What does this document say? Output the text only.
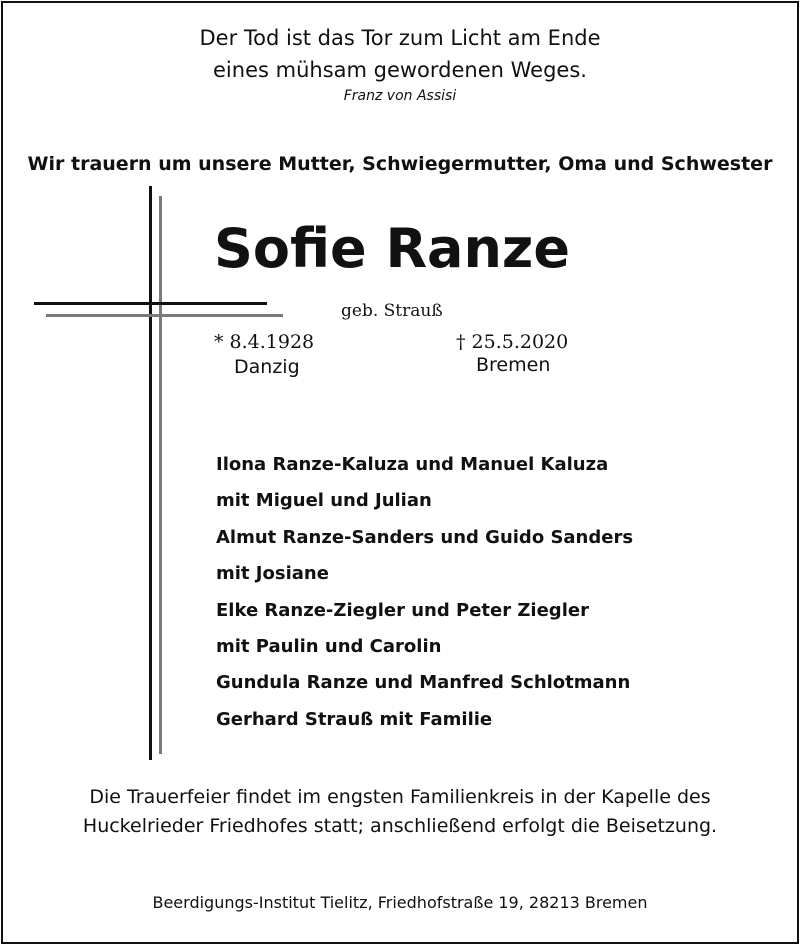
Der Tod ist das Tor zum Licht am Ende
eines mühsam gewordenen Weges.
Franz von Assisi
Wir trauern um unsere Mutter, Schwiegermutter, Oma und Schwester
Sofie Ranze
geb. Strauß
* 8.4.1928
Danzig
† 25.5.2020
Bremen
Ilona Ranze-Kaluza und Manuel Kaluza
mit Miguel und Julian
Almut Ranze-Sanders und Guido Sanders
mit Josiane
Elke Ranze-Ziegler und Peter Ziegler
mit Paulin und Carolin
Gundula Ranze und Manfred Schlotmann
Gerhard Strauß mit Familie
Die Trauerfeier findet im engsten Familienkreis in der Kapelle des
Huckelrieder Friedhofes statt; anschließend erfolgt die Beisetzung.
Beerdigungs-Institut Tielitz, Friedhofstraße 19, 28213 Bremen
